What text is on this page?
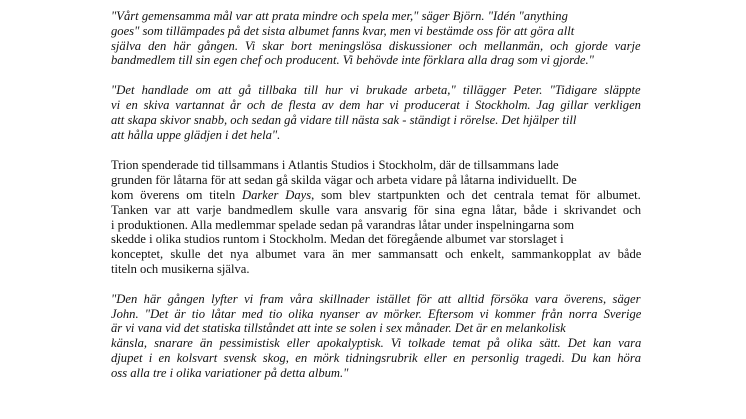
"Vårt gemensamma mål var att prata mindre och spela mer," säger Björn. "Idén "anything
goes" som tillämpades på det sista albumet fanns kvar, men vi bestämde oss för att göra allt
själva den här gången. Vi skar bort meningslösa diskussioner och mellanmän, och gjorde varje
bandmedlem till sin egen chef och producent. Vi behövde inte förklara alla drag som vi gjorde."

"Det handlade om att gå tillbaka till hur vi brukade arbeta," tillägger Peter. "Tidigare släppte
vi en skiva vartannat år och de flesta av dem har vi producerat i Stockholm. Jag gillar verkligen
att skapa skivor snabb, och sedan gå vidare till nästa sak - ständigt i rörelse. Det hjälper till
att hålla uppe glädjen i det hela".

Trion spenderade tid tillsammans i Atlantis Studios i Stockholm, där de tillsammans lade
grunden för låtarna för att sedan gå skilda vägar och arbeta vidare på låtarna individuellt. De
kom överens om titeln Darker Days, som blev startpunkten och det centrala temat för albumet.
Tanken var att varje bandmedlem skulle vara ansvarig för sina egna låtar, både i skrivandet och
i produktionen. Alla medlemmar spelade sedan på varandras låtar under inspelningarna som
skedde i olika studios runtom i Stockholm. Medan det föregående albumet var storslaget i
konceptet, skulle det nya albumet vara än mer sammansatt och enkelt, sammankopplat av både
titeln och musikerna själva.

"Den här gången lyfter vi fram våra skillnader istället för att alltid försöka vara överens, säger
John. "Det är tio låtar med tio olika nyanser av mörker. Eftersom vi kommer från norra Sverige
är vi vana vid det statiska tillståndet att inte se solen i sex månader. Det är en melankolisk
känsla, snarare än pessimistisk eller apokalyptisk. Vi tolkade temat på olika sätt. Det kan vara
djupet i en kolsvart svensk skog, en mörk tidningsrubrik eller en personlig tragedi. Du kan höra
oss alla tre i olika variationer på detta album."
